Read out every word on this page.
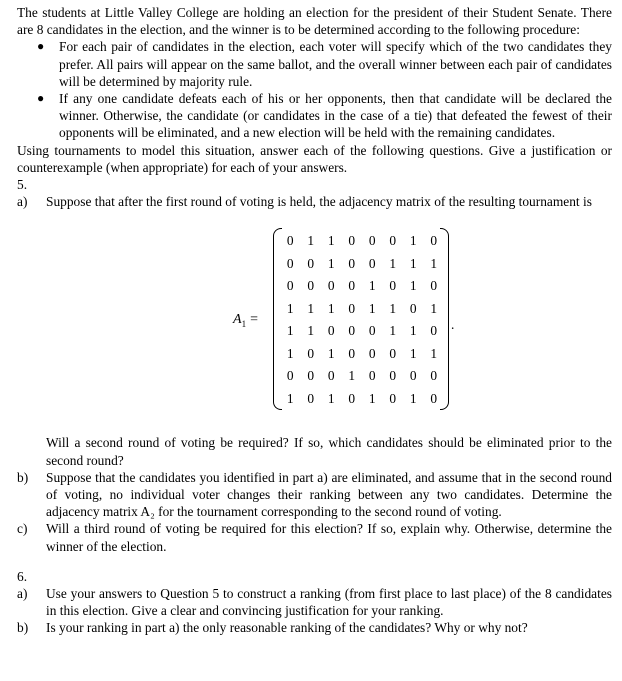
The students at Little Valley College are holding an election for the president of their Student Senate. There are 8 candidates in the election, and the winner is to be determined according to the following procedure:

● For each pair of candidates in the election, each voter will specify which of the two candidates they prefer. All pairs will appear on the same ballot, and the overall winner between each pair of candidates will be determined by majority rule.
● If any one candidate defeats each of his or her opponents, then that candidate will be declared the winner. Otherwise, the candidate (or candidates in the case of a tie) that defeated the fewest of their opponents will be eliminated, and a new election will be held with the remaining candidates.

Using tournaments to model this situation, answer each of the following questions. Give a justification or counterexample (when appropriate) for each of your answers.

5.

a) Suppose that after the first round of voting is held, the adjacency matrix of the resulting tournament is
$A_1$ =
0	1	1	0	0	0	1	0
0	0	1	0	0	1	1	1
0	0	0	0	1	0	1	0
1	1	1	0	1	1	0	1
1	1	0	0	0	1	1	0
1	0	1	0	0	0	1	1
0	0	0	1	0	0	0	0
1	0	1	0	1	0	1	0
.
Will a second round of voting be required? If so, which candidates should be eliminated prior to the second round?
b) Suppose that the candidates you identified in part a) are eliminated, and assume that in the second round of voting, no individual voter changes their ranking between any two candidates. Determine the adjacency matrix A₂ for the tournament corresponding to the second round of voting.
c) Will a third round of voting be required for this election? If so, explain why. Otherwise, determine the winner of the election.

6.

a) Use your answers to Question 5 to construct a ranking (from first place to last place) of the 8 candidates in this election. Give a clear and convincing justification for your ranking.
b) Is your ranking in part a) the only reasonable ranking of the candidates? Why or why not?
